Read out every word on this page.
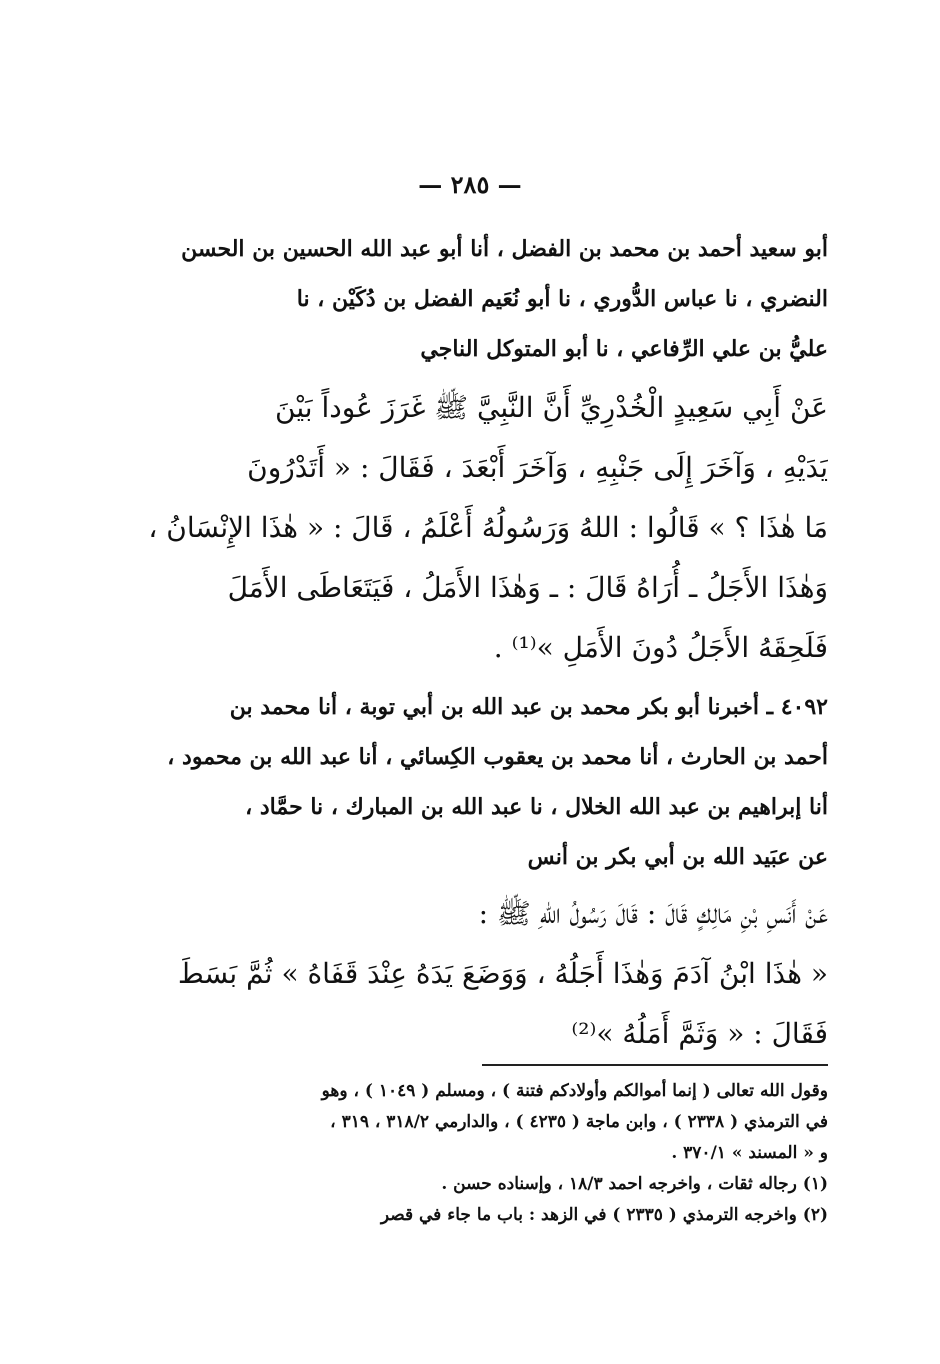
— ٢٨٥ —
أبو سعيد أحمد بن محمد بن الفضل ، أنا أبو عبد الله الحسين بن الحسن
النضري ، نا عباس الدُّوري ، نا أبو نُعَيم الفضل بن دُكَيْن ، نا
عليُّ بن علي الرِّفاعي ، نا أبو المتوكل الناجي
عَنْ أَبِي سَعِيدٍ الْخُدْرِيِّ أَنَّ النَّبِيَّ ﷺ غَرَزَ عُوداً بَيْنَ
يَدَيْهِ ، وَآخَرَ إِلَى جَنْبِهِ ، وَآخَرَ أَبْعَدَ ، فَقَالَ : « أَتَدْرُونَ
مَا هٰذَا ؟ » قَالُوا : اللهُ وَرَسُولُهُ أَعْلَمُ ، قَالَ : « هٰذَا الإِنْسَانُ ،
وَهٰذَا الأَجَلُ ـ أُرَاهُ قَالَ : ـ وَهٰذَا الأَمَلُ ، فَيَتَعَاطَى الأَمَلَ
فَلَحِقَهُ الأَجَلُ دُونَ الأَمَلِ »⁽¹⁾ .
٤٠٩٢ ـ أخبرنا أبو بكر محمد بن عبد الله بن أبي توبة ، أنا محمد بن
أحمد بن الحارث ، أنا محمد بن يعقوب الكِسائي ، أنا عبد الله بن محمود ،
أنا إبراهيم بن عبد الله الخلال ، نا عبد الله بن المبارك ، نا حمَّاد ،
عن عبَيد الله بن أبي بكر بن أنس
عَنْ أَنَسِ بْنِ مَالِكٍ قَالَ : قَالَ رَسُولُ اللهِ ﷺ :
« هٰذَا ابْنُ آدَمَ وَهٰذَا أَجَلُهُ ، وَوَضَعَ يَدَهُ عِنْدَ قَفَاهُ » ثُمَّ بَسَطَ
فَقَالَ : « وَثَمَّ أَمَلُهُ »⁽²⁾
وقول الله تعالى ( إنما أموالكم وأولادكم فتنة ) ، ومسلم ( ١٠٤٩ ) ، وهو
في الترمذي ( ٢٣٣٨ ) ، وابن ماجة ( ٤٢٣٥ ) ، والدارمي ٣١٨/٢ ، ٣١٩ ،
و « المسند » ٣٧٠/١ .
(١) رجاله ثقات ، واخرجه احمد ١٨/٣ ، وإسناده حسن .
(٢) واخرجه الترمذي ( ٢٣٣٥ ) في الزهد : باب ما جاء في قصر
